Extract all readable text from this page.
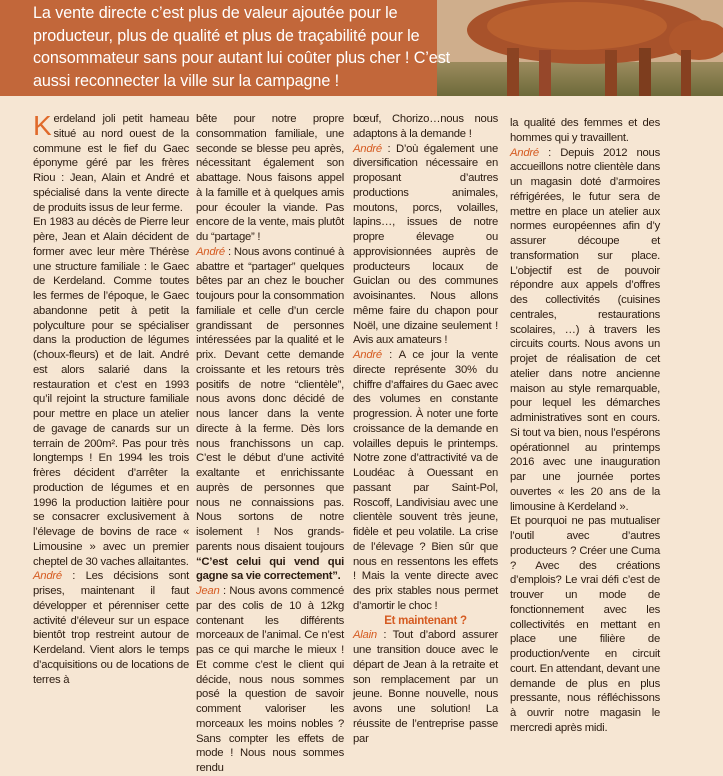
La vente directe c’est plus de valeur ajoutée pour le producteur, plus de qualité et plus de traçabilité pour le consommateur sans pour autant lui coûter plus cher ! C’est aussi reconnecter la ville sur la campagne !

Kerdeland joli petit hameau situé au nord ouest de la commune est le fief du Gaec éponyme géré par les frères Riou : Jean, Alain et André et spécialisé dans la vente directe de produits issus de leur ferme.

En 1983 au décès de Pierre leur père, Jean et Alain décident de former avec leur mère Thérèse une structure familiale : le Gaec de Kerdeland. Comme toutes les fermes de l’époque, le Gaec abandonne petit à petit la polyculture pour se spécialiser dans la production de légumes (choux-fleurs) et de lait. André est alors salarié dans la restauration et c’est en 1993 qu’il rejoint la structure familiale pour mettre en place un atelier de gavage de canards sur un terrain de 200m². Pas pour très longtemps ! En 1994 les trois frères décident d’arrêter la production de légumes et en 1996 la production laitière pour se consacrer exclusivement à l’élevage de bovins de race « Limousine » avec un premier cheptel de 30 vaches allaitantes.

André : Les décisions sont prises, maintenant il faut développer et pérenniser cette activité d’éleveur sur un espace bientôt trop restreint autour de Kerdeland. Vient alors le temps d’acquisitions ou de locations de terres à

bête pour notre propre consommation familiale, une seconde se blesse peu après, nécessitant également son abattage. Nous faisons appel à la famille et à quelques amis pour écouler la viande. Pas encore de la vente, mais plutôt du “partage” !

André : Nous avons continué à abattre et “partager” quelques bêtes par an chez le boucher toujours pour la consommation familiale et celle d’un cercle grandissant de personnes intéressées par la qualité et le prix. Devant cette demande croissante et les retours très positifs de notre “clientèle”, nous avons donc décidé de nous lancer dans la vente directe à la ferme. Dès lors nous franchissons un cap. C’est le début d’une activité exaltante et enrichissante auprès de personnes que nous ne connaissions pas. Nous sortons de notre isolement ! Nos grands-parents nous disaient toujours “C’est celui qui vend qui gagne sa vie correctement”.

Jean : Nous avons commencé par des colis de 10 à 12kg contenant les différents morceaux de l’animal. Ce n’est pas ce qui marche le mieux ! Et comme c’est le client qui décide, nous nous sommes posé la question de savoir comment valoriser les morceaux les moins nobles ? Sans compter les effets de mode ! Nous nous sommes rendu

bœuf, Chorizo…nous nous adaptons à la demande !

André : D’où également une diversification nécessaire en proposant d’autres productions animales, moutons, porcs, volailles, lapins…, issues de notre propre élevage ou approvisionnées auprès de producteurs locaux de Guiclan ou des communes avoisinantes. Nous allons même faire du chapon pour Noël, une dizaine seulement ! Avis aux amateurs !

André : A ce jour la vente directe représente 30% du chiffre d’affaires du Gaec avec des volumes en constante progression. À noter une forte croissance de la demande en volailles depuis le printemps. Notre zone d’attractivité va de Loudéac à Ouessant en passant par Saint-Pol, Roscoff, Landivisiau avec une clientèle souvent très jeune, fidèle et peu volatile. La crise de l’élevage ? Bien sûr que nous en ressentons les effets ! Mais la vente directe avec des prix stables nous permet d’amortir le choc !

Et maintenant ?

Alain : Tout d’abord assurer une transition douce avec le départ de Jean à la retraite et son remplacement par un jeune. Bonne nouvelle, nous avons une solution! La réussite de l’entreprise passe par

la qualité des femmes et des hommes qui y travaillent.

André : Depuis 2012 nous accueillons notre clientèle dans un magasin doté d’armoires réfrigérées, le futur sera de mettre en place un atelier aux normes européennes afin d’y assurer découpe et transformation sur place. L’objectif est de pouvoir répondre aux appels d’offres des collectivités (cuisines centrales, restaurations scolaires, …) à travers les circuits courts. Nous avons un projet de réalisation de cet atelier dans notre ancienne maison au style remarquable, pour lequel les démarches administratives sont en cours. Si tout va bien, nous l’espérons opérationnel au printemps 2016 avec une inauguration par une journée portes ouvertes « les 20 ans de la limousine à Kerdeland ».

Et pourquoi ne pas mutualiser l’outil avec d’autres producteurs ? Créer une Cuma ? Avec des créations d’emplois? Le vrai défi c’est de trouver un mode de fonctionnement avec les collectivités en mettant en place une filière de production/vente en circuit court. En attendant, devant une demande de plus en plus pressante, nous réfléchissons à ouvrir notre magasin le mercredi après midi.
